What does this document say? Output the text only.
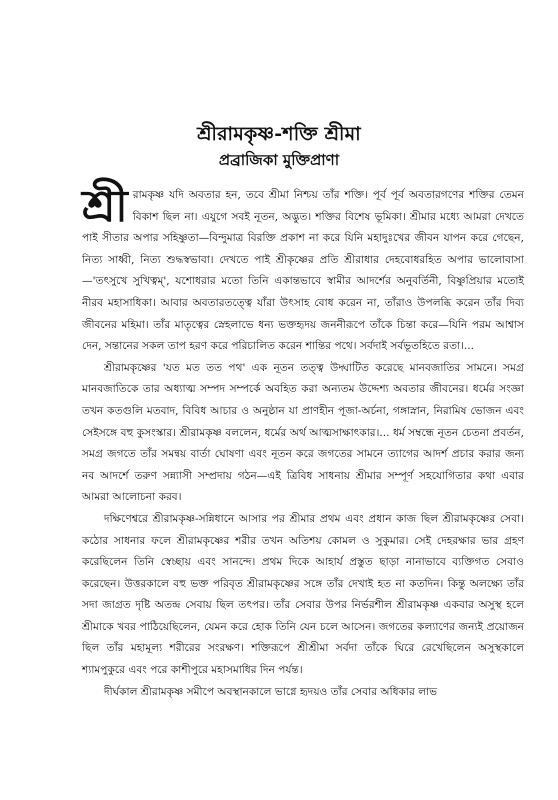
শ্রীরামকৃষ্ণ-শক্তি শ্রীমা
প্রব্রাজিকা মুক্তিপ্রাণা

শ্রী রামকৃষ্ণ যদি অবতার হন, তবে শ্রীমা নিশ্চয় তাঁর শক্তি। পূর্ব পূর্ব অবতারগণের শক্তির তেমন বিকাশ ছিল না। এযুগে সবই নূতন, অদ্ভুত। শক্তির বিশেষ ভূমিকা। শ্রীমার মধ্যে আমরা দেখতে পাই সীতার অপার সহিষ্ণুতা—বিন্দুমাত্র বিরক্তি প্রকাশ না করে যিনি মহাদুঃখের জীবন যাপন করে গেছেন, নিত্য সাধ্বী, নিত্য শুদ্ধস্বভাবা। দেখতে পাই শ্রীকৃষ্ণের প্রতি শ্রীরাধার দেহবোধরহিত অপার ভালোবাসা—'তৎসুখে সুখিত্বম্', যশোধরার মতো তিনি একান্তভাবে স্বামীর আদর্শের অনুবর্তিনী, বিষ্ণুপ্রিয়ার মতোই নীরব মহাসাধিকা। আবার অবতারতত্ত্বে যাঁরা উৎসাহ বোধ করেন না, তাঁরাও উপলব্ধি করেন তাঁর দিব্য জীবনের মহিমা। তাঁর মাতৃত্বের স্নেহলাভে ধন্য ভক্তহৃদয় জননীরূপে তাঁকে চিন্তা করে—যিনি পরম আশ্বাস দেন, সন্তানের সকল তাপ হরণ করে পরিচালিত করেন শান্তির পথে। সর্বদাই সর্বভূতহিতে রতা।...

শ্রীরামকৃষ্ণের 'যত মত তত পথ' এক নূতন তত্ত্ব উদ্ঘাটিত করেছে মানবজাতির সামনে। সমগ্র মানবজাতিকে তার অধ্যাত্ম সম্পদ সম্পর্কে অবহিত করা অন্যতম উদ্দেশ্য অবতার জীবনের। ধর্মের সংজ্ঞা তখন কতগুলি মতবাদ, বিবিধ আচার ও অনুষ্ঠান যা প্রাণহীন পূজা-অর্চনা, গঙ্গাস্নান, নিরামিষ ভোজন এবং সেইসঙ্গে বহু কুসংস্কার। শ্রীরামকৃষ্ণ বললেন, ধর্মের অর্থ আত্মসাক্ষাৎকার।... ধর্ম সম্বন্ধে নূতন চেতনা প্রবর্তন, সমগ্র জগতে তাঁর সমন্বয় বার্তা ঘোষণা এবং নূতন করে জগতের সামনে ত্যাগের আদর্শ প্রচার করার জন্য নব আদর্শে তরুণ সন্ন্যাসী সম্প্রদায় গঠন—এই ত্রিবিধ সাধনায় শ্রীমার সম্পূর্ণ সহযোগিতার কথা এবার আমরা আলোচনা করব।

দক্ষিণেশ্বরে শ্রীরামকৃষ্ণ-সন্নিধানে আসার পর শ্রীমার প্রথম এবং প্রধান কাজ ছিল শ্রীরামকৃষ্ণের সেবা। কঠোর সাধনার ফলে শ্রীরামকৃষ্ণের শরীর তখন অতিশয় কোমল ও সুকুমার। সেই দেহরক্ষার ভার গ্রহণ করেছিলেন তিনি স্বেচ্ছায় এবং সানন্দে। প্রথম দিকে আহার্য প্রস্তুত ছাড়া নানাভাবে ব্যক্তিগত সেবাও করেছেন। উত্তরকালে বহু ভক্ত পরিবৃত শ্রীরামকৃষ্ণের সঙ্গে তাঁর দেখাই হত না কতদিন। কিন্তু অলক্ষ্যে তাঁর সদা জাগ্রত দৃষ্টি অতন্দ্র সেবায় ছিল তৎপর। তাঁর সেবার উপর নির্ভরশীল শ্রীরামকৃষ্ণ একবার অসুস্থ হলে শ্রীমাকে খবর পাঠিয়েছিলেন, যেমন করে হোক তিনি যেন চলে আসেন। জগতের কল্যাণের জন্যই প্রয়োজন ছিল তাঁর মহামূল্য শরীরের সংরক্ষণ। শক্তিরূপে শ্রীশ্রীমা সর্বদা তাঁকে ঘিরে রেখেছিলেন অসুস্থকালে শ্যামপুকুরে এবং পরে কাশীপুরে মহাসমাধির দিন পর্যন্ত।

দীর্ঘকাল শ্রীরামকৃষ্ণ সমীপে অবস্থানকালে ভাগ্নে হৃদয়ও তাঁর সেবার অধিকার লাভ
